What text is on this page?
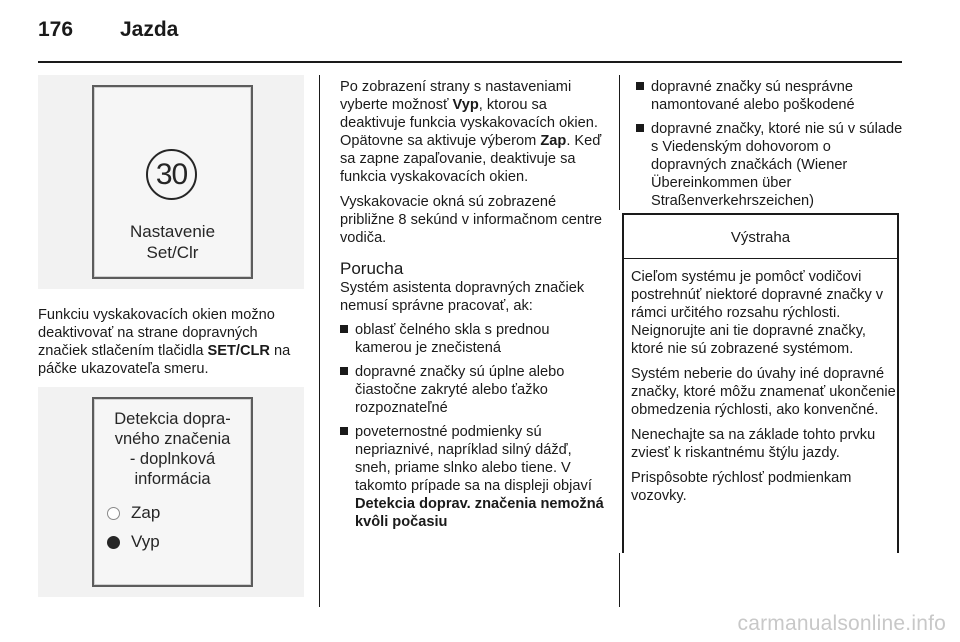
176 Jazda
30
Nastavenie
Set/Clr

Funkciu vyskakovacích okien možno deaktivovať na strane dopravných značiek stlačením tlačidla SET/CLR na páčke ukazovateľa smeru.

Detekcia dopra-
vného značenia
- doplnková
informácia
Zap
Vyp

Po zobrazení strany s nastaveniami vyberte možnosť Vyp, ktorou sa deaktivuje funkcia vyskakovacích okien. Opätovne sa aktivuje výberom Zap. Keď sa zapne zapaľovanie, deaktivuje sa funkcia vyskakovacích okien.

Vyskakovacie okná sú zobrazené približne 8 sekúnd v informačnom centre vodiča.

Porucha

Systém asistenta dopravných značiek nemusí správne pracovať, ak:

oblasť čelného skla s prednou kamerou je znečistená
dopravné značky sú úplne alebo čiastočne zakryté alebo ťažko rozpoznateľné
poveternostné podmienky sú nepriaznivé, napríklad silný dážď, sneh, priame slnko alebo tiene. V takomto prípade sa na displeji objaví Detekcia doprav. značenia nemožná kvôli počasiu
dopravné značky sú nesprávne namontované alebo poškodené
dopravné značky, ktoré nie sú v súlade s Viedenským dohovorom o dopravných značkách (Wiener Übereinkommen über Straßenverkehrszeichen)
Výstraha

Cieľom systému je pomôcť vodičovi postrehnúť niektoré dopravné značky v rámci určitého rozsahu rýchlosti. Neignorujte ani tie dopravné značky, ktoré nie sú zobrazené systémom.

Systém neberie do úvahy iné dopravné značky, ktoré môžu znamenať ukončenie obmedzenia rýchlosti, ako konvenčné.

Nenechajte sa na základe tohto prvku zviesť k riskantnému štýlu jazdy.

Prispôsobte rýchlosť podmienkam vozovky.

carmanualsonline.info
